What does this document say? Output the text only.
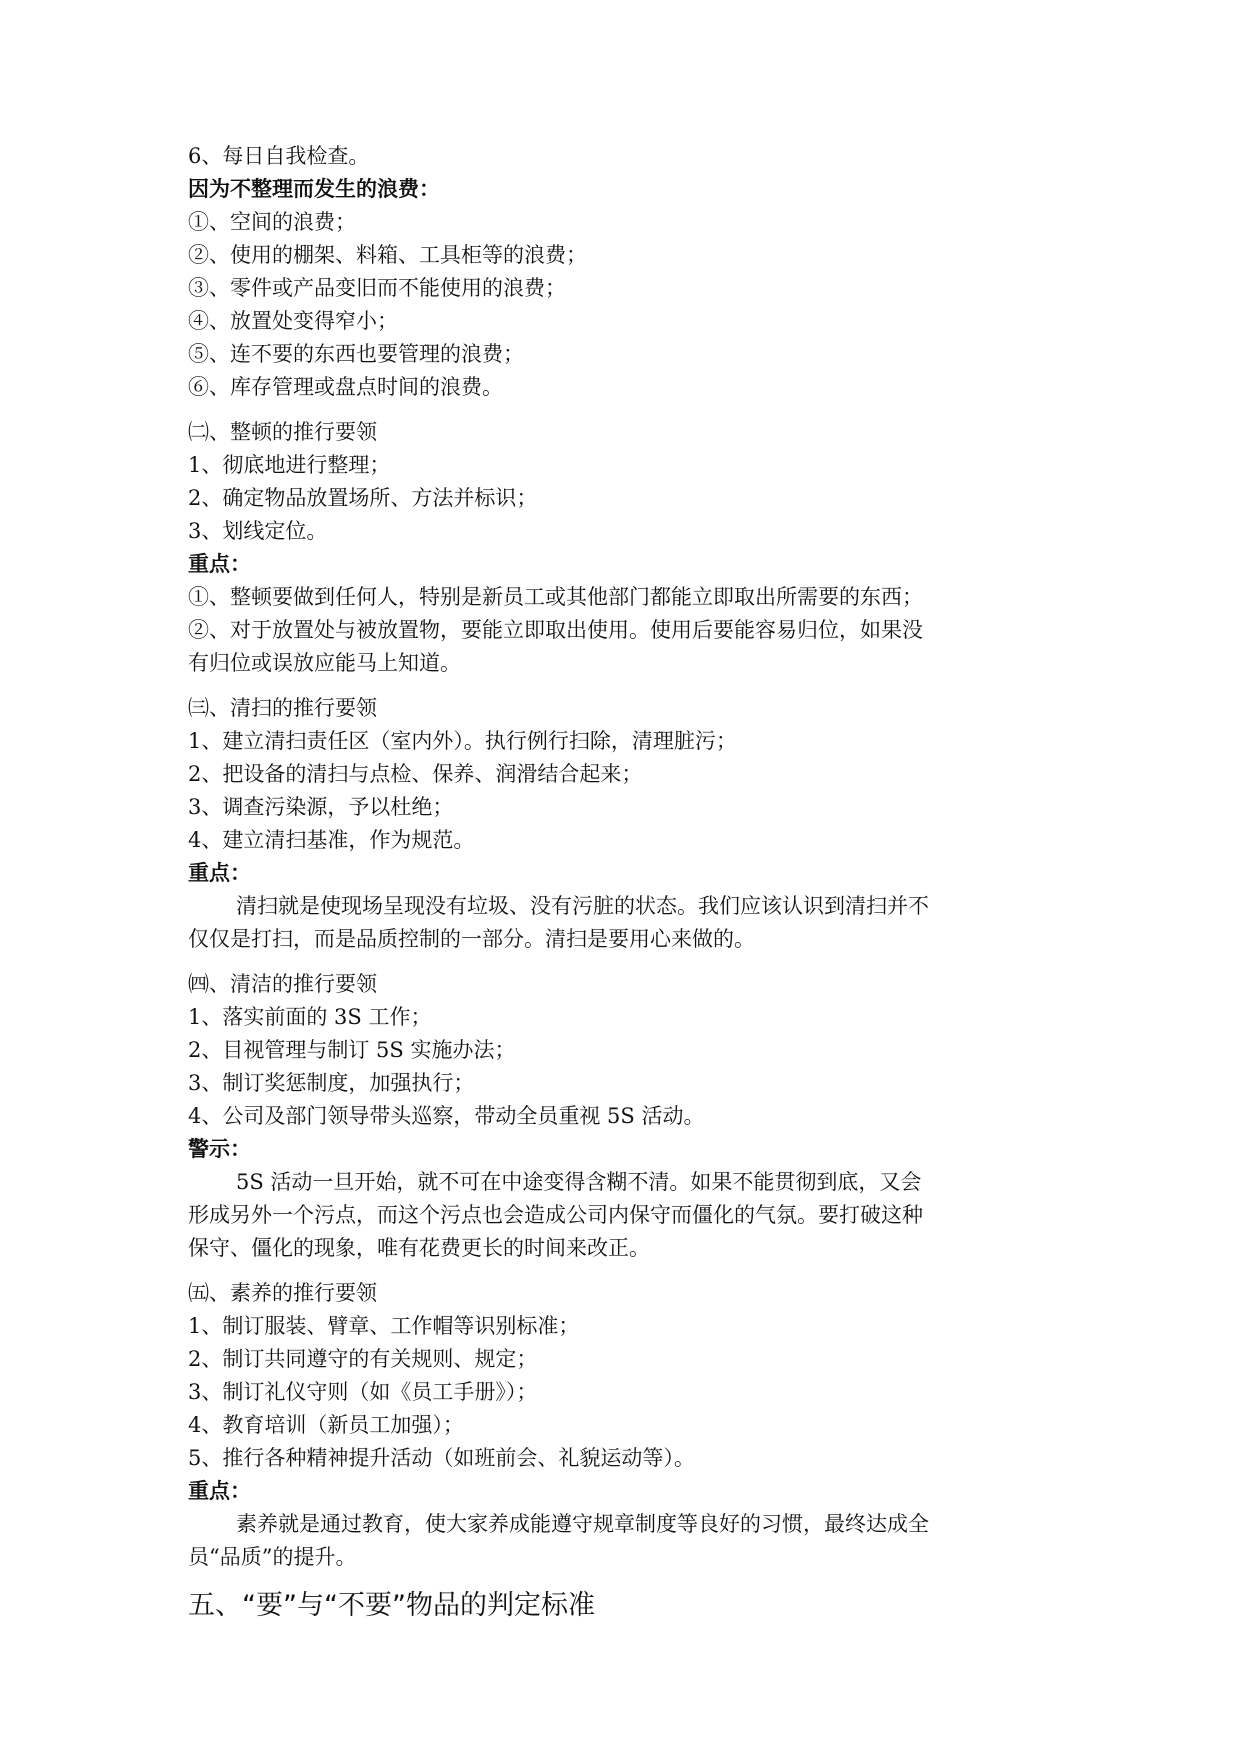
6、每日自我检查。
因为不整理而发生的浪费：
①、空间的浪费；
②、使用的棚架、料箱、工具柜等的浪费；
③、零件或产品变旧而不能使用的浪费；
④、放置处变得窄小；
⑤、连不要的东西也要管理的浪费；
⑥、库存管理或盘点时间的浪费。
㈡、整顿的推行要领
1、彻底地进行整理；
2、确定物品放置场所、方法并标识；
3、划线定位。
重点：
①、整顿要做到任何人，特别是新员工或其他部门都能立即取出所需要的东西；
②、对于放置处与被放置物，要能立即取出使用。使用后要能容易归位，如果没
有归位或误放应能马上知道。
㈢、清扫的推行要领
1、建立清扫责任区（室内外）。执行例行扫除，清理脏污；
2、把设备的清扫与点检、保养、润滑结合起来；
3、调查污染源，予以杜绝；
4、建立清扫基准，作为规范。
重点：
清扫就是使现场呈现没有垃圾、没有污脏的状态。我们应该认识到清扫并不
仅仅是打扫，而是品质控制的一部分。清扫是要用心来做的。
㈣、清洁的推行要领
1、落实前面的 3S 工作；
2、目视管理与制订 5S 实施办法；
3、制订奖惩制度，加强执行；
4、公司及部门领导带头巡察，带动全员重视 5S 活动。
警示：
5S 活动一旦开始，就不可在中途变得含糊不清。如果不能贯彻到底，又会
形成另外一个污点，而这个污点也会造成公司内保守而僵化的气氛。要打破这种
保守、僵化的现象，唯有花费更长的时间来改正。
㈤、素养的推行要领
1、制订服装、臂章、工作帽等识别标准；
2、制订共同遵守的有关规则、规定；
3、制订礼仪守则（如《员工手册》）；
4、教育培训（新员工加强）；
5、推行各种精神提升活动（如班前会、礼貌运动等）。
重点：
素养就是通过教育，使大家养成能遵守规章制度等良好的习惯，最终达成全
员“品质”的提升。
五、“要”与“不要”物品的判定标准
